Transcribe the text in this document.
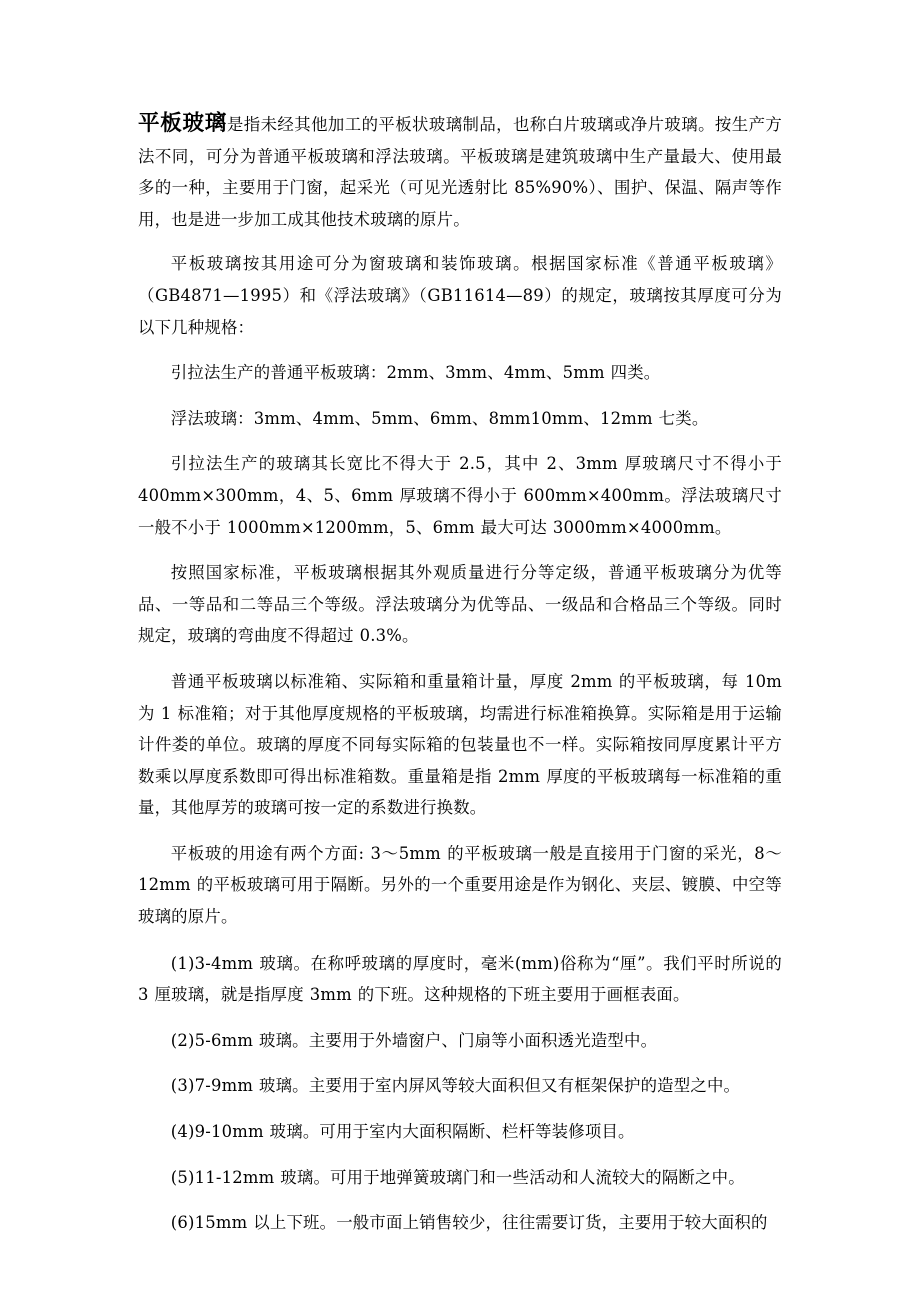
平板玻璃是指未经其他加工的平板状玻璃制品，也称白片玻璃或净片玻璃。按生产方法不同，可分为普通平板玻璃和浮法玻璃。平板玻璃是建筑玻璃中生产量最大、使用最多的一种，主要用于门窗，起采光（可见光透射比 85%90%）、围护、保温、隔声等作用，也是进一步加工成其他技术玻璃的原片。

平板玻璃按其用途可分为窗玻璃和装饰玻璃。根据国家标准《普通平板玻璃》（GB4871—1995）和《浮法玻璃》（GB11614—89）的规定，玻璃按其厚度可分为以下几种规格：

引拉法生产的普通平板玻璃：2mm、3mm、4mm、5mm 四类。

浮法玻璃：3mm、4mm、5mm、6mm、8mm10mm、12mm 七类。

引拉法生产的玻璃其长宽比不得大于 2.5，其中 2、3mm 厚玻璃尺寸不得小于 400mm×300mm，4、5、6mm 厚玻璃不得小于 600mm×400mm。浮法玻璃尺寸一般不小于 1000mm×1200mm，5、6mm 最大可达 3000mm×4000mm。

按照国家标准，平板玻璃根据其外观质量进行分等定级，普通平板玻璃分为优等品、一等品和二等品三个等级。浮法玻璃分为优等品、一级品和合格品三个等级。同时规定，玻璃的弯曲度不得超过 0.3%。

普通平板玻璃以标准箱、实际箱和重量箱计量，厚度 2mm 的平板玻璃，每 10m 为 1 标准箱；对于其他厚度规格的平板玻璃，均需进行标准箱换算。实际箱是用于运输计件娄的单位。玻璃的厚度不同每实际箱的包装量也不一样。实际箱按同厚度累计平方数乘以厚度系数即可得出标准箱数。重量箱是指 2mm 厚度的平板玻璃每一标准箱的重量，其他厚芳的玻璃可按一定的系数进行换数。

平板玻的用途有两个方面: 3～5mm 的平板玻璃一般是直接用于门窗的采光，8～12mm 的平板玻璃可用于隔断。另外的一个重要用途是作为钢化、夹层、镀膜、中空等玻璃的原片。

(1)3-4mm 玻璃。在称呼玻璃的厚度时，毫米(mm)俗称为“厘”。我们平时所说的 3 厘玻璃，就是指厚度 3mm 的下班。这种规格的下班主要用于画框表面。

(2)5-6mm 玻璃。主要用于外墙窗户、门扇等小面积透光造型中。

(3)7-9mm 玻璃。主要用于室内屏风等较大面积但又有框架保护的造型之中。

(4)9-10mm 玻璃。可用于室内大面积隔断、栏杆等装修项目。

(5)11-12mm 玻璃。可用于地弹簧玻璃门和一些活动和人流较大的隔断之中。

(6)15mm 以上下班。一般市面上销售较少，往往需要订货，主要用于较大面积的
